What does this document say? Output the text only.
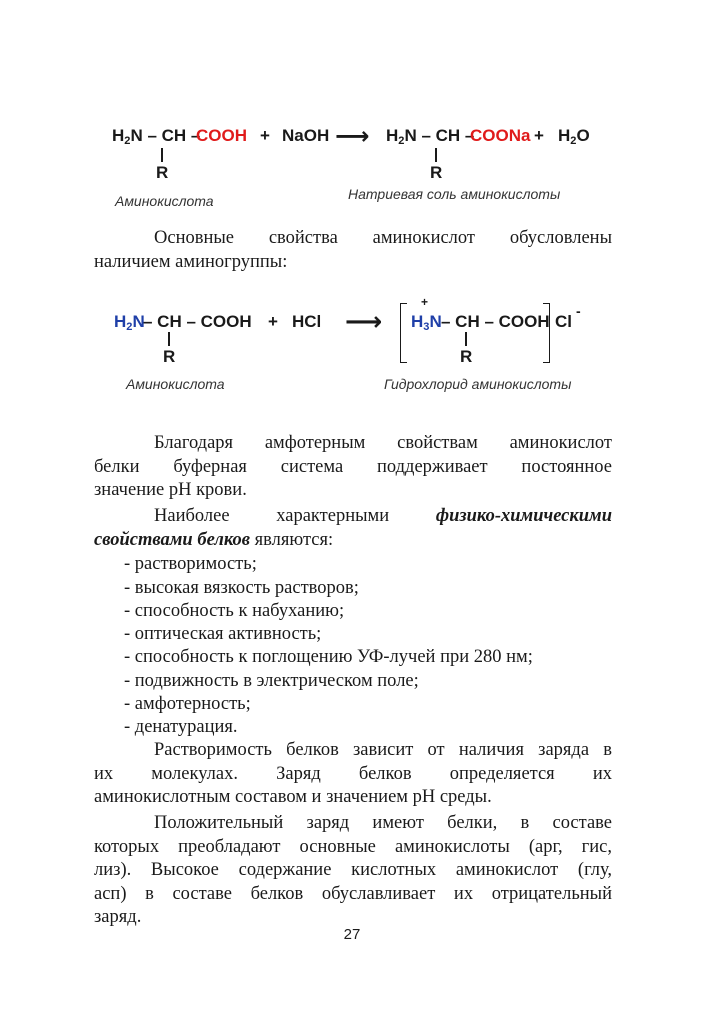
$H_2N$ – CH –
COOH + NaOH ⟶ $H_2N$ – CH –
COONa + $H_2O$
R	R
Аминокислота	Натриевая соль аминокислоты
Основные свойства аминокислот обусловлены
наличием аминогруппы:
$H_2N$
– CH – COOH + HCl ⟶
+
$H_3N$ – CH – COOH Cl
-
R	R
Аминокислота	Гидрохлорид аминокислоты
Благодаря амфотерным свойствам аминокислот
белки буферная система поддерживает постоянное
значение рН крови.
Наиболее характерными	физико-химическими
свойствами белков являются:
- растворимость;
- высокая вязкость растворов;
- способность к набуханию;
- оптическая активность;
- способность к поглощению УФ-лучей при 280 нм;
- подвижность в электрическом поле;
- амфотерность;
- денатурация.
Растворимость белков зависит от наличия заряда в
их молекулах. Заряд белков определяется их
аминокислотным составом и значением рН среды.
Положительный заряд имеют белки, в составе
которых преобладают основные аминокислоты (арг, гис,
лиз). Высокое содержание кислотных аминокислот (глу,
асп) в составе белков обуславливает их отрицательный
заряд.
27
